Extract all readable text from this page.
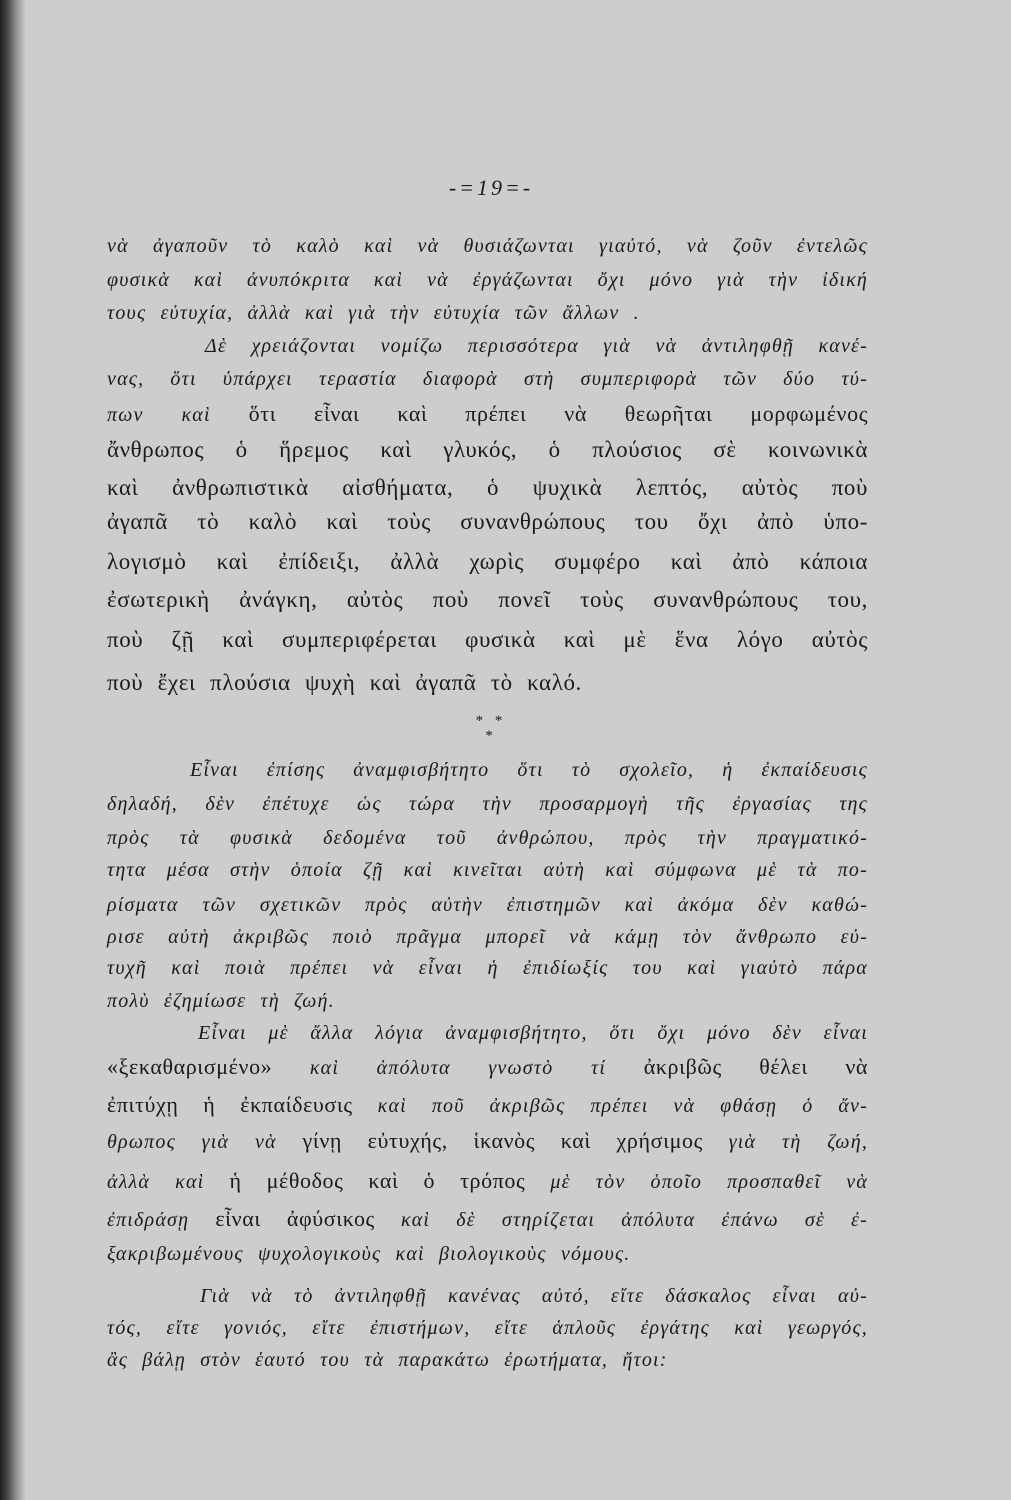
-=19=-
νὰ ἀγαποῦν τὸ καλὸ καὶ νὰ θυσιάζωνται γιαὐτό, νὰ ζοῦν ἐντελῶς
φυσικὰ καὶ ἀνυπόκριτα καὶ νὰ ἐργάζωνται ὄχι μόνο γιὰ τὴν ἰδική
τους εὐτυχία, ἀλλὰ καὶ γιὰ τὴν εὐτυχία τῶν ἄλλων .
Δὲ χρειάζονται νομίζω περισσότερα γιὰ νὰ ἀντιληφθῇ κανέ-
νας, ὅτι ὑπάρχει τεραστία διαφορὰ στὴ συμπεριφορὰ τῶν δύο τύ-
πων καὶ ὅτι εἶναι καὶ πρέπει νὰ θεωρῆται μορφωμένος
ἄνθρωπος ὁ ἥρεμος καὶ γλυκός, ὁ πλούσιος σὲ κοινωνικὰ
καὶ ἀνθρωπιστικὰ αἰσθήματα, ὁ ψυχικὰ λεπτός, αὐτὸς ποὺ
ἀγαπᾶ τὸ καλὸ καὶ τοὺς συνανθρώπους του ὄχι ἀπὸ ὑπο-
λογισμὸ καὶ ἐπίδειξι, ἀλλὰ χωρὶς συμφέρο καὶ ἀπὸ κάποια
ἐσωτερικὴ ἀνάγκη, αὐτὸς ποὺ πονεῖ τοὺς συνανθρώπους του,
ποὺ ζῇ καὶ συμπεριφέρεται φυσικὰ καὶ μὲ ἕνα λόγο αὐτὸς
ποὺ ἔχει πλούσια ψυχὴ καὶ ἀγαπᾶ τὸ καλό.
* *
*
Εἶναι ἐπίσης ἀναμφισβήτητο ὅτι τὸ σχολεῖο, ἡ ἐκπαίδευσις
δηλαδή, δὲν ἐπέτυχε ὡς τώρα τὴν προσαρμογὴ τῆς ἐργασίας της
πρὸς τὰ φυσικὰ δεδομένα τοῦ ἀνθρώπου, πρὸς τὴν πραγματικό-
τητα μέσα στὴν ὁποία ζῇ καὶ κινεῖται αὐτὴ καὶ σύμφωνα μὲ τὰ πο-
ρίσματα τῶν σχετικῶν πρὸς αὐτὴν ἐπιστημῶν καὶ ἀκόμα δὲν καθώ-
ρισε αὐτὴ ἀκριβῶς ποιὸ πρᾶγμα μπορεῖ νὰ κάμῃ τὸν ἄνθρωπο εὐ-
τυχῆ καὶ ποιὰ πρέπει νὰ εἶναι ἡ ἐπιδίωξίς του καὶ γιαὐτὸ πάρα
πολὺ ἐζημίωσε τὴ ζωή.
Εἶναι μὲ ἄλλα λόγια ἀναμφισβήτητο, ὅτι ὄχι μόνο δὲν εἶναι
«ξεκαθαρισμένο» καὶ ἀπόλυτα γνωστὸ τί ἀκριβῶς θέλει νὰ
ἐπιτύχῃ ἡ ἐκπαίδευσις καὶ ποῦ ἀκριβῶς πρέπει νὰ φθάσῃ ὁ ἄν-
θρωπος γιὰ νὰ γίνῃ εὐτυχής, ἱκανὸς καὶ χρήσιμος γιὰ τὴ ζωή,
ἀλλὰ καὶ ἡ μέθοδος καὶ ὁ τρόπος μὲ τὸν ὁποῖο προσπαθεῖ νὰ
ἐπιδράσῃ εἶναι ἀφύσικος καὶ δὲ στηρίζεται ἀπόλυτα ἐπάνω σὲ ἐ-
ξακριβωμένους ψυχολογικοὺς καὶ βιολογικοὺς νόμους.
Γιὰ νὰ τὸ ἀντιληφθῇ κανένας αὐτό, εἴτε δάσκαλος εἶναι αὐ-
τός, εἴτε γονιός, εἴτε ἐπιστήμων, εἴτε ἁπλοῦς ἐργάτης καὶ γεωργός,
ἂς βάλῃ στὸν ἑαυτό του τὰ παρακάτω ἐρωτήματα, ἤτοι:
